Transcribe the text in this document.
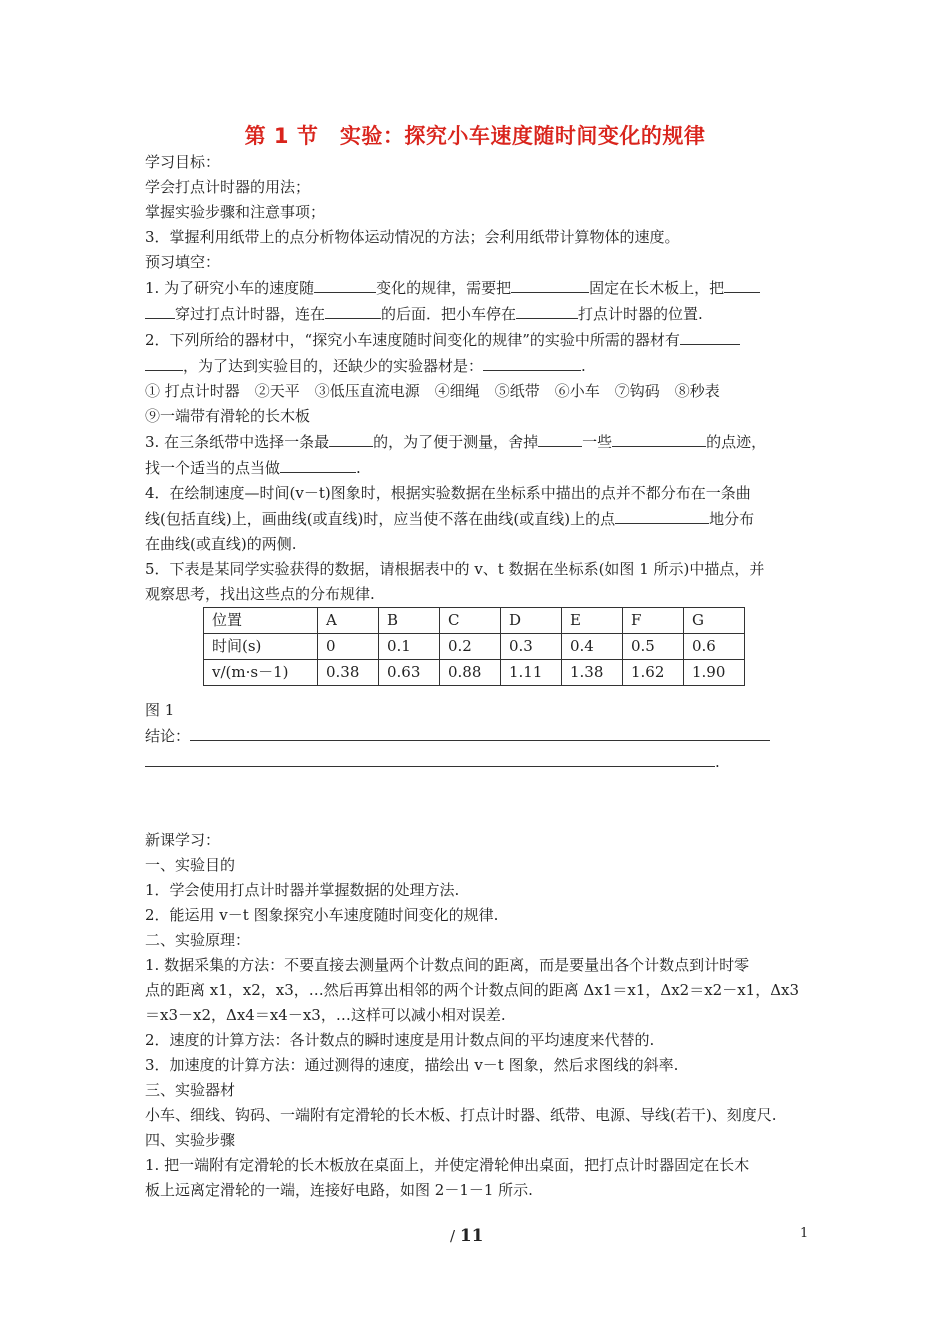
第 1 节　实验：探究小车速度随时间变化的规律

学习目标：

学会打点计时器的用法；

掌握实验步骤和注意事项；

3．掌握利用纸带上的点分析物体运动情况的方法；会利用纸带计算物体的速度。

预习填空：

1. 为了研究小车的速度随	变化的规律，需要把	固定在长木板上，把

穿过打点计时器，连在	的后面．把小车停在	打点计时器的位置.

2．下列所给的器材中，“探究小车速度随时间变化的规律”的实验中所需的器材有

，为了达到实验目的，还缺少的实验器材是：	.

① 打点计时器　②天平　③低压直流电源　④细绳　⑤纸带　⑥小车　⑦钩码　⑧秒表

⑨一端带有滑轮的长木板

3. 在三条纸带中选择一条最	的，为了便于测量，舍掉	一些	的点迹，

找一个适当的点当做	.

4．在绘制速度—时间(v－t)图象时，根据实验数据在坐标系中描出的点并不都分布在一条曲

线(包括直线)上，画曲线(或直线)时，应当使不落在曲线(或直线)上的点	地分布

在曲线(或直线)的两侧.

5．下表是某同学实验获得的数据，请根据表中的 v、t 数据在坐标系(如图 1 所示)中描点，并

观察思考，找出这些点的分布规律.

位置	A	B	C	D	E	F	G
时间(s)	0	0.1	0.2	0.3	0.4	0.5	0.6
v/(m·s－1)	0.38	0.63	0.88	1.11	1.38	1.62	1.90

图 1

结论：

.

新课学习：

一、实验目的

1．学会使用打点计时器并掌握数据的处理方法.

2．能运用 v－t 图象探究小车速度随时间变化的规律.

二、实验原理：

1. 数据采集的方法：不要直接去测量两个计数点间的距离，而是要量出各个计数点到计时零

点的距离 x1，x2，x3，…然后再算出相邻的两个计数点间的距离 Δx1＝x1，Δx2＝x2－x1，Δx3

＝x3－x2，Δx4＝x4－x3，…这样可以减小相对误差.

2．速度的计算方法：各计数点的瞬时速度是用计数点间的平均速度来代替的.

3．加速度的计算方法：通过测得的速度，描绘出 v－t 图象，然后求图线的斜率.

三、实验器材

小车、细线、钩码、一端附有定滑轮的长木板、打点计时器、纸带、电源、导线(若干)、刻度尺.

四、实验步骤

1. 把一端附有定滑轮的长木板放在桌面上，并使定滑轮伸出桌面，把打点计时器固定在长木

板上远离定滑轮的一端，连接好电路，如图 2－1－1 所示.

/ 11	1
